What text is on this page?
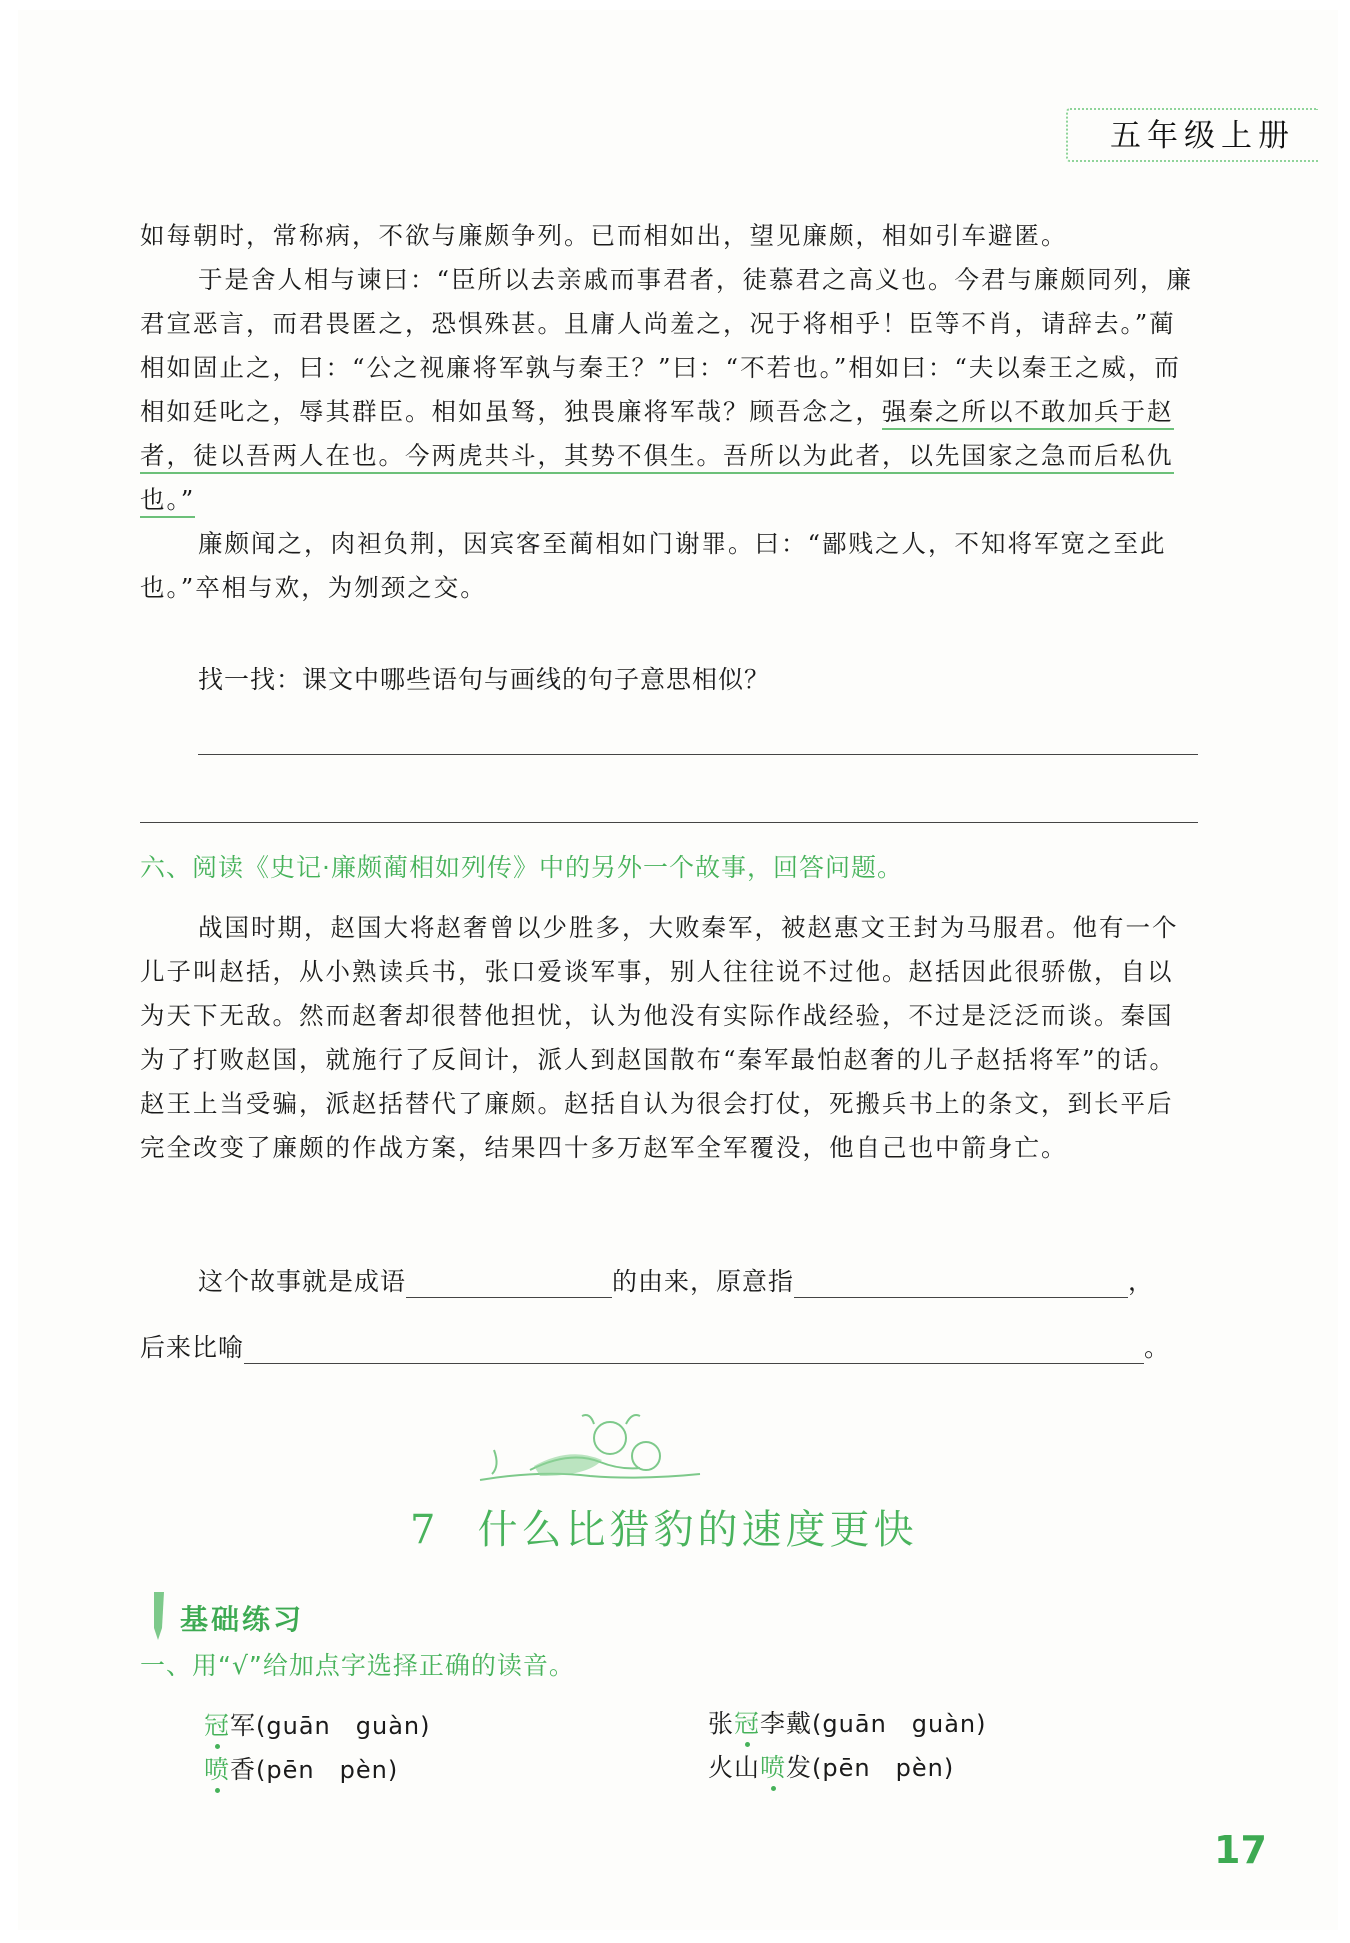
五年级上册

如每朝时，常称病，不欲与廉颇争列。已而相如出，望见廉颇，相如引车避匿。

于是舍人相与谏曰：“臣所以去亲戚而事君者，徒慕君之高义也。今君与廉颇同列，廉君宣恶言，而君畏匿之，恐惧殊甚。且庸人尚羞之，况于将相乎！臣等不肖，请辞去。”蔺相如固止之，曰：“公之视廉将军孰与秦王？”曰：“不若也。”相如曰：“夫以秦王之威，而相如廷叱之，辱其群臣。相如虽驽，独畏廉将军哉？顾吾念之，强秦之所以不敢加兵于赵者，徒以吾两人在也。今两虎共斗，其势不俱生。吾所以为此者，以先国家之急而后私仇也。”

廉颇闻之，肉袒负荆，因宾客至蔺相如门谢罪。曰：“鄙贱之人，不知将军宽之至此也。”卒相与欢，为刎颈之交。

找一找：课文中哪些语句与画线的句子意思相似？
六、阅读《史记·廉颇蔺相如列传》中的另外一个故事，回答问题。

战国时期，赵国大将赵奢曾以少胜多，大败秦军，被赵惠文王封为马服君。他有一个儿子叫赵括，从小熟读兵书，张口爱谈军事，别人往往说不过他。赵括因此很骄傲，自以为天下无敌。然而赵奢却很替他担忧，认为他没有实际作战经验，不过是泛泛而谈。秦国为了打败赵国，就施行了反间计，派人到赵国散布“秦军最怕赵奢的儿子赵括将军”的话。赵王上当受骗，派赵括替代了廉颇。赵括自认为很会打仗，死搬兵书上的条文，到长平后完全改变了廉颇的作战方案，结果四十多万赵军全军覆没，他自己也中箭身亡。

这个故事就是成语	的由来，原意指	，
后来比喻	。
7 什么比猎豹的速度更快
基础练习
一、用“√”给加点字选择正确的读音。
冠军(guān　guàn)	张冠李戴(guān　guàn)
喷香(pēn　pèn)	火山喷发(pēn　pèn)
17
